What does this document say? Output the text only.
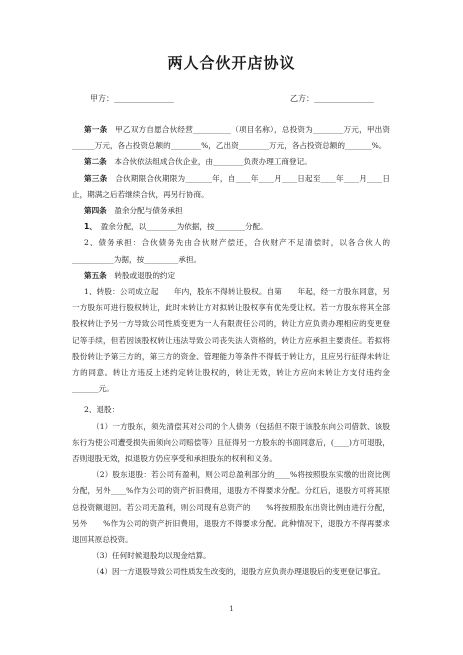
两人合伙开店协议
甲方：_______________	乙方：_______________

第一条　 甲乙双方自愿合伙经营__________（项目名称），总投资为________万元，甲出资______万元，各占投资总额的________%，乙出资________万元，各占投资总额的_______%。

第二条　 本合伙依法组成合伙企业，由________负责办理工商登记。

第三条　 合伙期限合伙期限为_______年，自____年____月____日起至____年____月____日止，期满之后若继续合伙，再另行协商。

第四条　 盈余分配与债务承担

1、　 盈余分配，以________为依据，按________分配。

2、债务承担：合伙债务先由合伙财产偿还，合伙财产不足清偿时，以各合伙人的___________为据，按_________承担。

第五条　 转股或退股的约定

1、转股：公司成立起　　年内，股东不得转让股权。自第　　年起，经一方股东同意，另一方股东可进行股权转让，此时未转让方对拟转让股权享有优先受让权。若一方股东将其全部股权转让予另一方导致公司性质变更为一人有限责任公司的，转让方应负责办理相应的变更登记等手续，但若因该股权转让违法导致公司丧失法人资格的，转让方应承担主要责任。若拟将股份转让予第三方的，第三方的资金、管理能力等条件不得低于转让方，且应另行征得未转让方的同意。转让方违反上述约定转让股权的，转让无效，转让方应向未转让方支付违约金_______元。

2、退股：

（1）一方股东，须先清偿其对公司的个人债务（包括但不限于该股东向公司借款、该股东行为使公司遭受损失而须向公司赔偿等）且征得另一方股东的书面同意后，(____)方可退股，否则退股无效，拟退股方仍应享受和承担股东的权利和义务。

（2）股东退股：若公司有盈利，则公司总盈利部分的____%将按照股东实缴的出资比例分配，另外____%作为公司的资产折旧费用，退股方不得要求分配。分红后，退股方可将其原总投资额退回。若公司无盈利，则公司现有总资产的　　%将按照股东出资比例由进行分配，另外　　%作为公司的资产折旧费用，退股方不得要求分配。此种情况下，退股方不得再要求退回其原总投资。

（3）任何时候退股均以现金结算。

（4）因一方退股导致公司性质发生改变的，退股方应负责办理退股后的变更登记事宜。

1
